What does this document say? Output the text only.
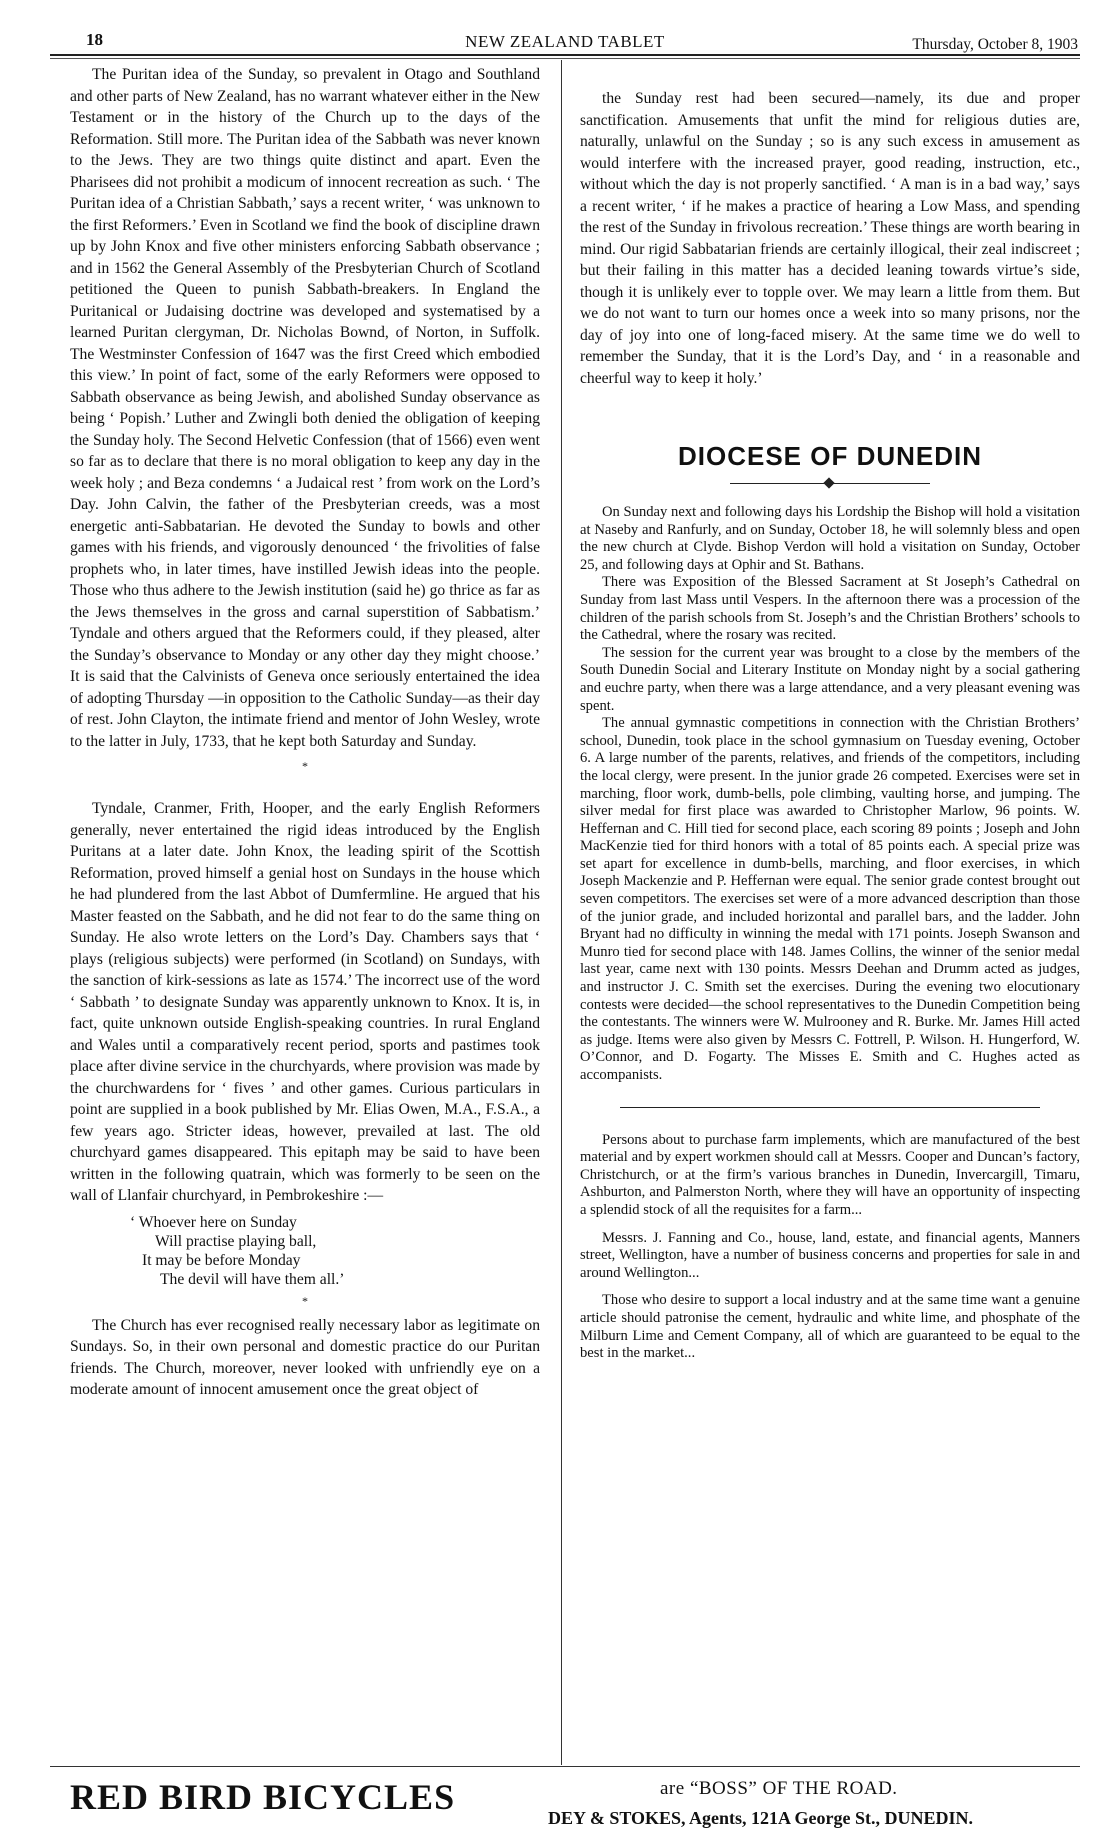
18	NEW ZEALAND TABLET	Thursday, October 8, 1903

The Puritan idea of the Sunday, so prevalent in Otago and Southland and other parts of New Zealand, has no warrant whatever either in the New Testament or in the history of the Church up to the days of the Reformation. Still more. The Puritan idea of the Sabbath was never known to the Jews. They are two things quite distinct and apart. Even the Pharisees did not prohibit a modicum of innocent recreation as such. ‘ The Puritan idea of a Christian Sabbath,’ says a recent writer, ‘ was unknown to the first Reformers.’ Even in Scotland we find the book of discipline drawn up by John Knox and five other ministers enforcing Sabbath observance ; and in 1562 the General Assembly of the Presbyterian Church of Scotland petitioned the Queen to punish Sabbath-breakers. In England the Puritanical or Judaising doctrine was developed and systematised by a learned Puritan clergyman, Dr. Nicholas Bownd, of Norton, in Suffolk. The Westminster Confession of 1647 was the first Creed which embodied this view.’ In point of fact, some of the early Reformers were opposed to Sabbath observance as being Jewish, and abolished Sunday observance as being ‘ Popish.’ Luther and Zwingli both denied the obligation of keeping the Sunday holy. The Second Helvetic Confession (that of 1566) even went so far as to declare that there is no moral obligation to keep any day in the week holy ; and Beza condemns ‘ a Judaical rest ’ from work on the Lord’s Day. John Calvin, the father of the Presbyterian creeds, was a most energetic anti-Sabbatarian. He devoted the Sunday to bowls and other games with his friends, and vigorously denounced ‘ the frivolities of false prophets who, in later times, have instilled Jewish ideas into the people. Those who thus adhere to the Jewish institution (said he) go thrice as far as the Jews themselves in the gross and carnal superstition of Sabbatism.’ Tyndale and others argued that the Reformers could, if they pleased, alter the Sunday’s observance to Monday or any other day they might choose.’ It is said that the Calvinists of Geneva once seriously entertained the idea of adopting Thursday —in opposition to the Catholic Sunday—as their day of rest. John Clayton, the intimate friend and mentor of John Wesley, wrote to the latter in July, 1733, that he kept both Saturday and Sunday.

*

Tyndale, Cranmer, Frith, Hooper, and the early English Reformers generally, never entertained the rigid ideas introduced by the English Puritans at a later date. John Knox, the leading spirit of the Scottish Reformation, proved himself a genial host on Sundays in the house which he had plundered from the last Abbot of Dumfermline. He argued that his Master feasted on the Sabbath, and he did not fear to do the same thing on Sunday. He also wrote letters on the Lord’s Day. Chambers says that ‘ plays (religious subjects) were performed (in Scotland) on Sundays, with the sanction of kirk-sessions as late as 1574.’ The incorrect use of the word ‘ Sabbath ’ to designate Sunday was apparently unknown to Knox. It is, in fact, quite unknown outside English-speaking countries. In rural England and Wales until a comparatively recent period, sports and pastimes took place after divine service in the churchyards, where provision was made by the churchwardens for ‘ fives ’ and other games. Curious particulars in point are supplied in a book published by Mr. Elias Owen, M.A., F.S.A., a few years ago. Stricter ideas, however, prevailed at last. The old churchyard games disappeared. This epitaph may be said to have been written in the following quatrain, which was formerly to be seen on the wall of Llanfair churchyard, in Pembrokeshire :—

‘ Whoever here on Sunday
Will practise playing ball,
It may be before Monday
The devil will have them all.’
*

The Church has ever recognised really necessary labor as legitimate on Sundays. So, in their own personal and domestic practice do our Puritan friends. The Church, moreover, never looked with unfriendly eye on a moderate amount of innocent amusement once the great object of

the Sunday rest had been secured—namely, its due and proper sanctification. Amusements that unfit the mind for religious duties are, naturally, unlawful on the Sunday ; so is any such excess in amusement as would interfere with the increased prayer, good reading, instruction, etc., without which the day is not properly sanctified. ‘ A man is in a bad way,’ says a recent writer, ‘ if he makes a practice of hearing a Low Mass, and spending the rest of the Sunday in frivolous recreation.’ These things are worth bearing in mind. Our rigid Sabbatarian friends are certainly illogical, their zeal indiscreet ; but their failing in this matter has a decided leaning towards virtue’s side, though it is unlikely ever to topple over. We may learn a little from them. But we do not want to turn our homes once a week into so many prisons, nor the day of joy into one of long-faced misery. At the same time we do well to remember the Sunday, that it is the Lord’s Day, and ‘ in a reasonable and cheerful way to keep it holy.’

DIOCESE OF DUNEDIN

On Sunday next and following days his Lordship the Bishop will hold a visitation at Naseby and Ranfurly, and on Sunday, October 18, he will solemnly bless and open the new church at Clyde. Bishop Verdon will hold a visitation on Sunday, October 25, and following days at Ophir and St. Bathans.

There was Exposition of the Blessed Sacrament at St Joseph’s Cathedral on Sunday from last Mass until Vespers. In the afternoon there was a procession of the children of the parish schools from St. Joseph’s and the Christian Brothers’ schools to the Cathedral, where the rosary was recited.

The session for the current year was brought to a close by the members of the South Dunedin Social and Literary Institute on Monday night by a social gathering and euchre party, when there was a large attendance, and a very pleasant evening was spent.

The annual gymnastic competitions in connection with the Christian Brothers’ school, Dunedin, took place in the school gymnasium on Tuesday evening, October 6. A large number of the parents, relatives, and friends of the competitors, including the local clergy, were present. In the junior grade 26 competed. Exercises were set in marching, floor work, dumb-bells, pole climbing, vaulting horse, and jumping. The silver medal for first place was awarded to Christopher Marlow, 96 points. W. Heffernan and C. Hill tied for second place, each scoring 89 points ; Joseph and John MacKenzie tied for third honors with a total of 85 points each. A special prize was set apart for excellence in dumb-bells, marching, and floor exercises, in which Joseph Mackenzie and P. Heffernan were equal. The senior grade contest brought out seven competitors. The exercises set were of a more advanced description than those of the junior grade, and included horizontal and parallel bars, and the ladder. John Bryant had no difficulty in winning the medal with 171 points. Joseph Swanson and Munro tied for second place with 148. James Collins, the winner of the senior medal last year, came next with 130 points. Messrs Deehan and Drumm acted as judges, and instructor J. C. Smith set the exercises. During the evening two elocutionary contests were decided—the school representatives to the Dunedin Competition being the contestants. The winners were W. Mulrooney and R. Burke. Mr. James Hill acted as judge. Items were also given by Messrs C. Fottrell, P. Wilson. H. Hungerford, W. O’Connor, and D. Fogarty. The Misses E. Smith and C. Hughes acted as accompanists.

Persons about to purchase farm implements, which are manufactured of the best material and by expert workmen should call at Messrs. Cooper and Duncan’s factory, Christchurch, or at the firm’s various branches in Dunedin, Invercargill, Timaru, Ashburton, and Palmerston North, where they will have an opportunity of inspecting a splendid stock of all the requisites for a farm...

Messrs. J. Fanning and Co., house, land, estate, and financial agents, Manners street, Wellington, have a number of business concerns and properties for sale in and around Wellington...

Those who desire to support a local industry and at the same time want a genuine article should patronise the cement, hydraulic and white lime, and phosphate of the Milburn Lime and Cement Company, all of which are guaranteed to be equal to the best in the market...

RED BIRD BICYCLES	are “BOSS” OF THE ROAD.
DEY & STOKES, Agents, 121A George St., DUNEDIN.
